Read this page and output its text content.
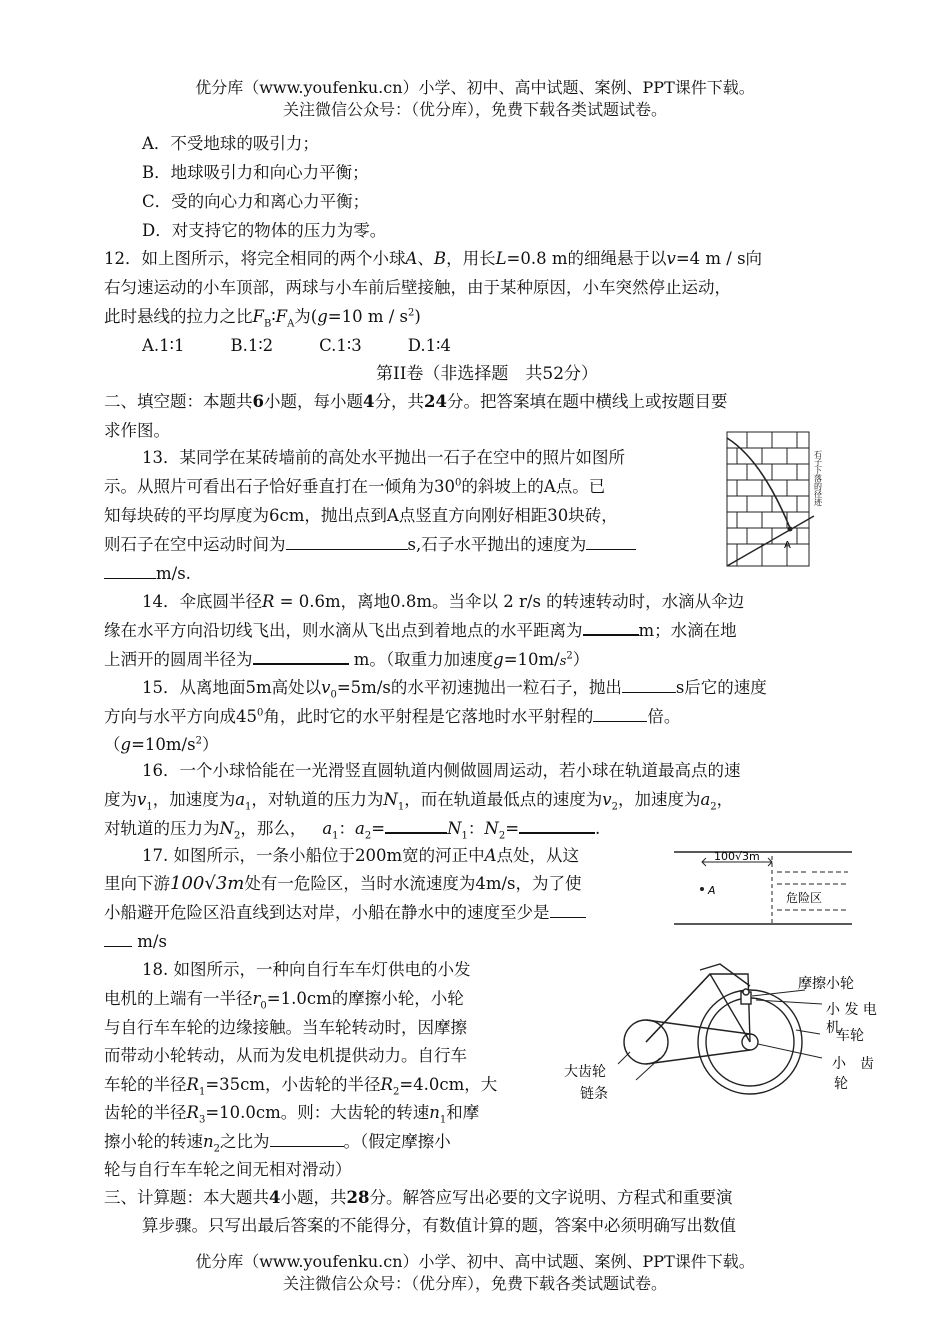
优分库（www.youfenku.cn）小学、初中、高中试题、案例、PPT课件下载。
关注微信公众号：（优分库），免费下载各类试题试卷。
A．不受地球的吸引力；
B．地球吸引力和向心力平衡；
C．受的向心力和离心力平衡；
D．对支持它的物体的压力为零。
12．如上图所示，将完全相同的两个小球A、B，用长L=0.8 m的细绳悬于以v=4 m / s向
右匀速运动的小车顶部，两球与小车前后壁接触，由于某种原因，小车突然停止运动，
此时悬线的拉力之比$F_B∶F_A$为(g=10 m / $s^2$)
A.1∶1	B.1∶2	C.1∶3	D.1∶4
第II卷（非选择题　共52分）
二、填空题：本题共6小题，每小题4分，共24分。把答案填在题中横线上或按题目要
求作图。
13．某同学在某砖墙前的高处水平抛出一石子在空中的照片如图所
示。从照片可看出石子恰好垂直打在一倾角为$30^0$的斜坡上的A点。已
知每块砖的平均厚度为6cm，抛出点到A点竖直方向刚好相距30块砖，
则石子在空中运动时间为	s,石子水平抛出的速度为
m/s.
A
石子下落的径迹
14．伞底圆半径R = 0.6m，离地0.8m。当伞以 2 r/s 的转速转动时，水滴从伞边
缘在水平方向沿切线飞出，则水滴从飞出点到着地点的水平距离为	m；水滴在地
上洒开的圆周半径为	m。（取重力加速度$g=10m/s^2$）
15．从离地面5m高处以$v_0=5m/s$的水平初速抛出一粒石子，抛出	s后它的速度
方向与水平方向成$45^0$角，此时它的水平射程是它落地时水平射程的	倍。
$(g=10m/s^2)$
16．一个小球恰能在一光滑竖直圆轨道内侧做圆周运动，若小球在轨道最高点的速
度为$v_1$，加速度为$a_1$，对轨道的压力为$N_1$，而在轨道最低点的速度为$v_2$，加速度为$a_2$，
对轨道的压力为$N_2$，那么， $a_1$：$a_2=$	$N_1$：$N_2=$	.
17. 如图所示，一条小船位于200m宽的河正中A点处，从这
里向下游100√3m处有一危险区，当时水流速度为4m/s，为了使
小船避开危险区沿直线到达对岸，小船在静水中的速度至少是
m/s
100√3m
A
危险区
18. 如图所示，一种向自行车车灯供电的小发
电机的上端有一半径$r_0=1.0cm$的摩擦小轮，小轮
与自行车车轮的边缘接触。当车轮转动时，因摩擦
而带动小轮转动，从而为发电机提供动力。自行车
车轮的半径$R_1=35cm$，小齿轮的半径$R_2=4.0cm$，大
齿轮的半径$R_3=10.0cm$。则：大齿轮的转速$n_1$和摩
擦小轮的转速$n_2$之比为	。（假定摩擦小
轮与自行车车轮之间无相对滑动）
摩擦小轮
小 发 电
机
车轮
小　齿
轮
大齿轮
链条
三、计算题：本大题共4小题，共28分。解答应写出必要的文字说明、方程式和重要演
算步骤。只写出最后答案的不能得分，有数值计算的题，答案中必须明确写出数值
优分库（www.youfenku.cn）小学、初中、高中试题、案例、PPT课件下载。
关注微信公众号：（优分库），免费下载各类试题试卷。
